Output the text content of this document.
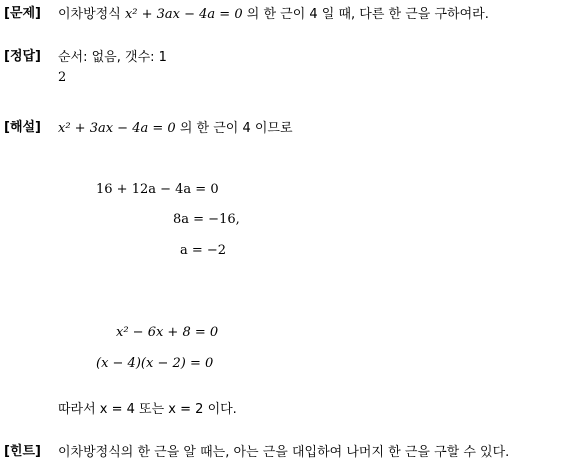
[문제] 이차방정식 x² + 3ax − 4a = 0 의 한 근이 4 일 때, 다른 한 근을 구하여라.
[정답] 순서: 없음, 갯수: 1
2
[해설] x² + 3ax − 4a = 0 의 한 근이 4 이므로
16 + 12a − 4a = 0
8a = −16,
a = −2
x² − 6x + 8 = 0
(x − 4)(x − 2) = 0
따라서 x = 4 또는 x = 2 이다.
[힌트] 이차방정식의 한 근을 알 때는, 아는 근을 대입하여 나머지 한 근을 구할 수 있다.
